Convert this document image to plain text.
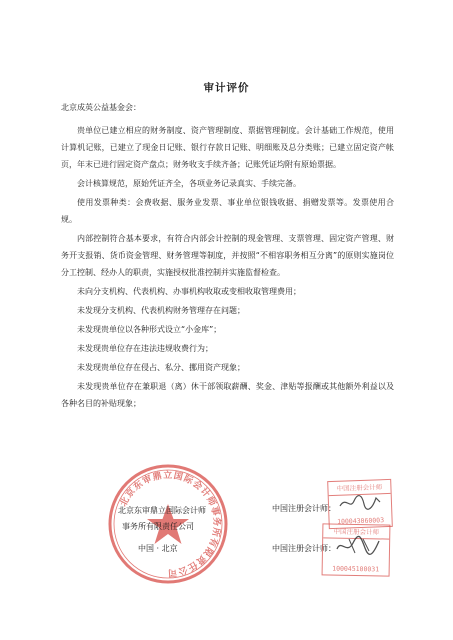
审计评价
北京成英公益基金会：

贵单位已建立相应的财务制度、资产管理制度、票据管理制度。会计基础工作规范，使用计算机记账，已建立了现金日记账、银行存款日记账、明细账及总分类账；已建立固定资产帐页，年末已进行固定资产盘点；财务收支手续齐备；记账凭证均附有原始票据。

会计核算规范，原始凭证齐全，各项业务记录真实、手续完备。

使用发票种类：会费收据、服务业发票、事业单位银钱收据、捐赠发票等。发票使用合规。

内部控制符合基本要求，有符合内部会计控制的现金管理、支票管理、固定资产管理、财务开支报销、货币资金管理、财务管理等制度，并按照“不相容职务相互分离”的原则实施岗位分工控制、经办人的职责，实施授权批准控制并实施监督检查。

未向分支机构、代表机构、办事机构收取或变相收取管理费用；

未发现分支机构、代表机构财务管理存在问题；

未发现贵单位以各种形式设立“小金库”；

未发现贵单位存在违法违规收费行为；

未发现贵单位存在侵占、私分、挪用资产现象；

未发现贵单位存在兼职退（离）休干部领取薪酬、奖金、津贴等报酬或其他额外利益以及各种名目的补贴现象；

北京东审鼎立国际会计师事务所有限责任公司
北京东审鼎立国际会计师
事务所有限责任公司
中国 · 北京
中国注册会计师：
中国注册会计师：
中国注册会计师
100043060003
中国注册会计师
100045100031
